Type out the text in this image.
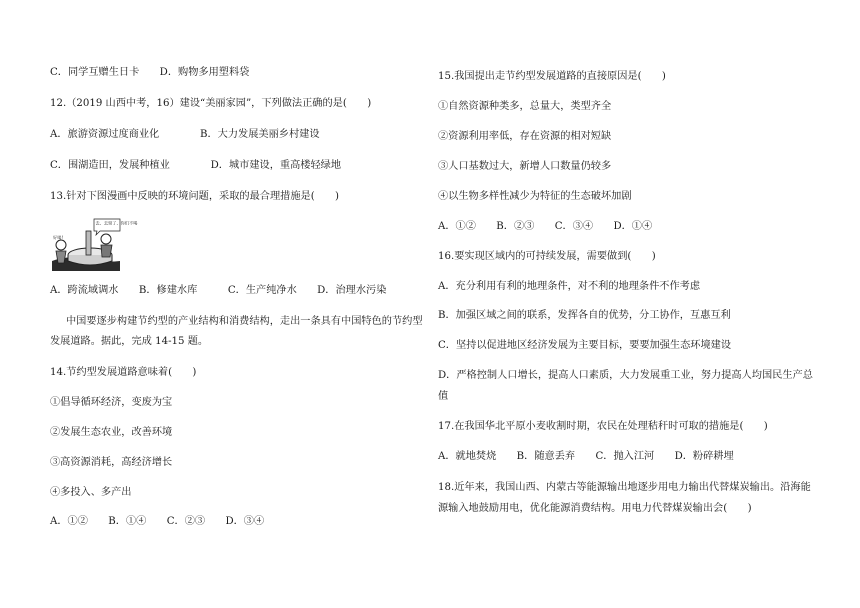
C．同学互赠生日卡　　D．购物多用塑料袋
12.（2019 山西中考，16）建设“美丽家园”，下列做法正确的是(　　)
A．旅游资源过度商业化　　　　B．大力发展美丽乡村建设
C．围湖造田，发展种植业　　　　D．城市建设，重高楼轻绿地
13.针对下图漫画中反映的环境问题，采取的最合理措施是(　　)
去、去留了、你们不喝
好喝!
A．跨流域调水　　B．修建水库　　　C．生产纯净水　　D．治理水污染
中国要逐步构建节约型的产业结构和消费结构，走出一条具有中国特色的节约型
发展道路。据此，完成 14-15 题。
14.节约型发展道路意味着(　　)
①倡导循环经济，变废为宝
②发展生态农业，改善环境
③高资源消耗，高经济增长
④多投入、多产出
A．①②　　B．①④　　C．②③　　D．③④
15.我国提出走节约型发展道路的直接原因是(　　)
①自然资源种类多，总量大，类型齐全
②资源利用率低，存在资源的相对短缺
③人口基数过大，新增人口数量仍较多
④以生物多样性减少为特征的生态破坏加剧
A．①②　　B．②③　　C．③④　　D．①④
16.要实现区域内的可持续发展，需要做到(　　)
A．充分利用有利的地理条件，对不利的地理条件不作考虑
B．加强区域之间的联系，发挥各自的优势，分工协作，互惠互利
C．坚持以促进地区经济发展为主要目标，要要加强生态环境建设
D．严格控制人口增长，提高人口素质，大力发展重工业，努力提高人均国民生产总
值
17.在我国华北平原小麦收割时期，农民在处理秸秆时可取的措施是(　　)
A．就地焚烧　　B．随意丢弃　　C．抛入江河　　D．粉碎耕埋
18.近年来，我国山西、内蒙古等能源输出地逐步用电力输出代替煤炭输出。沿海能
源输入地鼓励用电，优化能源消费结构。用电力代替煤炭输出会(　　)
